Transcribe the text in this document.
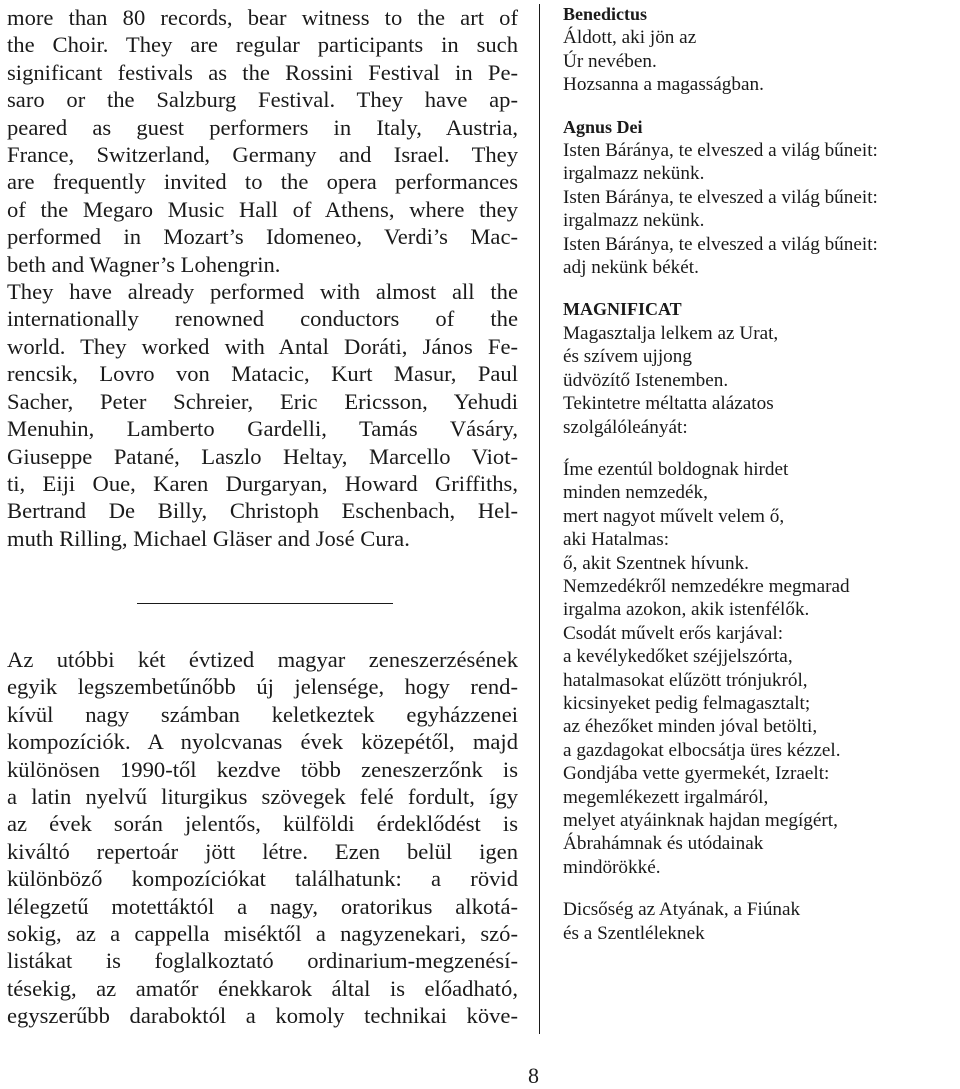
more than 80 records, bear witness to the art of
the Choir. They are regular participants in such
significant festivals as the Rossini Festival in Pe-
saro or the Salzburg Festival. They have ap-
peared as guest performers in Italy, Austria,
France, Switzerland, Germany and Israel. They
are frequently invited to the opera performances
of the Megaro Music Hall of Athens, where they
performed in Mozart’s Idomeneo, Verdi’s Mac-
beth and Wagner’s Lohengrin.
They have already performed with almost all the
internationally renowned conductors of the
world. They worked with Antal Doráti, János Fe-
rencsik, Lovro von Matacic, Kurt Masur, Paul
Sacher, Peter Schreier, Eric Ericsson, Yehudi
Menuhin, Lamberto Gardelli, Tamás Vásáry,
Giuseppe Patané, Laszlo Heltay, Marcello Viot-
ti, Eiji Oue, Karen Durgaryan, Howard Griffiths,
Bertrand De Billy, Christoph Eschenbach, Hel-
muth Rilling, Michael Gläser and José Cura.

Az utóbbi két évtized magyar zeneszerzésének
egyik legszembetűnőbb új jelensége, hogy rend-
kívül nagy számban keletkeztek egyházzenei
kompozíciók. A nyolcvanas évek közepétől, majd
különösen 1990-től kezdve több zeneszerzőnk is
a latin nyelvű liturgikus szövegek felé fordult, így
az évek során jelentős, külföldi érdeklődést is
kiváltó repertoár jött létre. Ezen belül igen
különböző kompozíciókat találhatunk: a rövid
lélegzetű motettáktól a nagy, oratorikus alkotá-
sokig, az a cappella miséktől a nagyzenekari, szó-
listákat is foglalkoztató ordinarium-megzenésí-
tésekig, az amatőr énekkarok által is előadható,
egyszerűbb daraboktól a komoly technikai köve-

Benedictus
Áldott, aki jön az
Úr nevében.
Hozsanna a magasságban.
Agnus Dei
Isten Báránya, te elveszed a világ bűneit:
irgalmazz nekünk.
Isten Báránya, te elveszed a világ bűneit:
irgalmazz nekünk.
Isten Báránya, te elveszed a világ bűneit:
adj nekünk békét.
MAGNIFICAT
Magasztalja lelkem az Urat,
és szívem ujjong
üdvözítő Istenemben.
Tekintetre méltatta alázatos
szolgálóleányát:
Íme ezentúl boldognak hirdet
minden nemzedék,
mert nagyot művelt velem ő,
aki Hatalmas:
ő, akit Szentnek hívunk.
Nemzedékről nemzedékre megmarad
irgalma azokon, akik istenfélők.
Csodát művelt erős karjával:
a kevélykedőket széjjelszórta,
hatalmasokat elűzött trónjukról,
kicsinyeket pedig felmagasztalt;
az éhezőket minden jóval betölti,
a gazdagokat elbocsátja üres kézzel.
Gondjába vette gyermekét, Izraelt:
megemlékezett irgalmáról,
melyet atyáinknak hajdan megígért,
Ábrahámnak és utódainak
mindörökké.
Dicsőség az Atyának, a Fiúnak
és a Szentléleknek
8
